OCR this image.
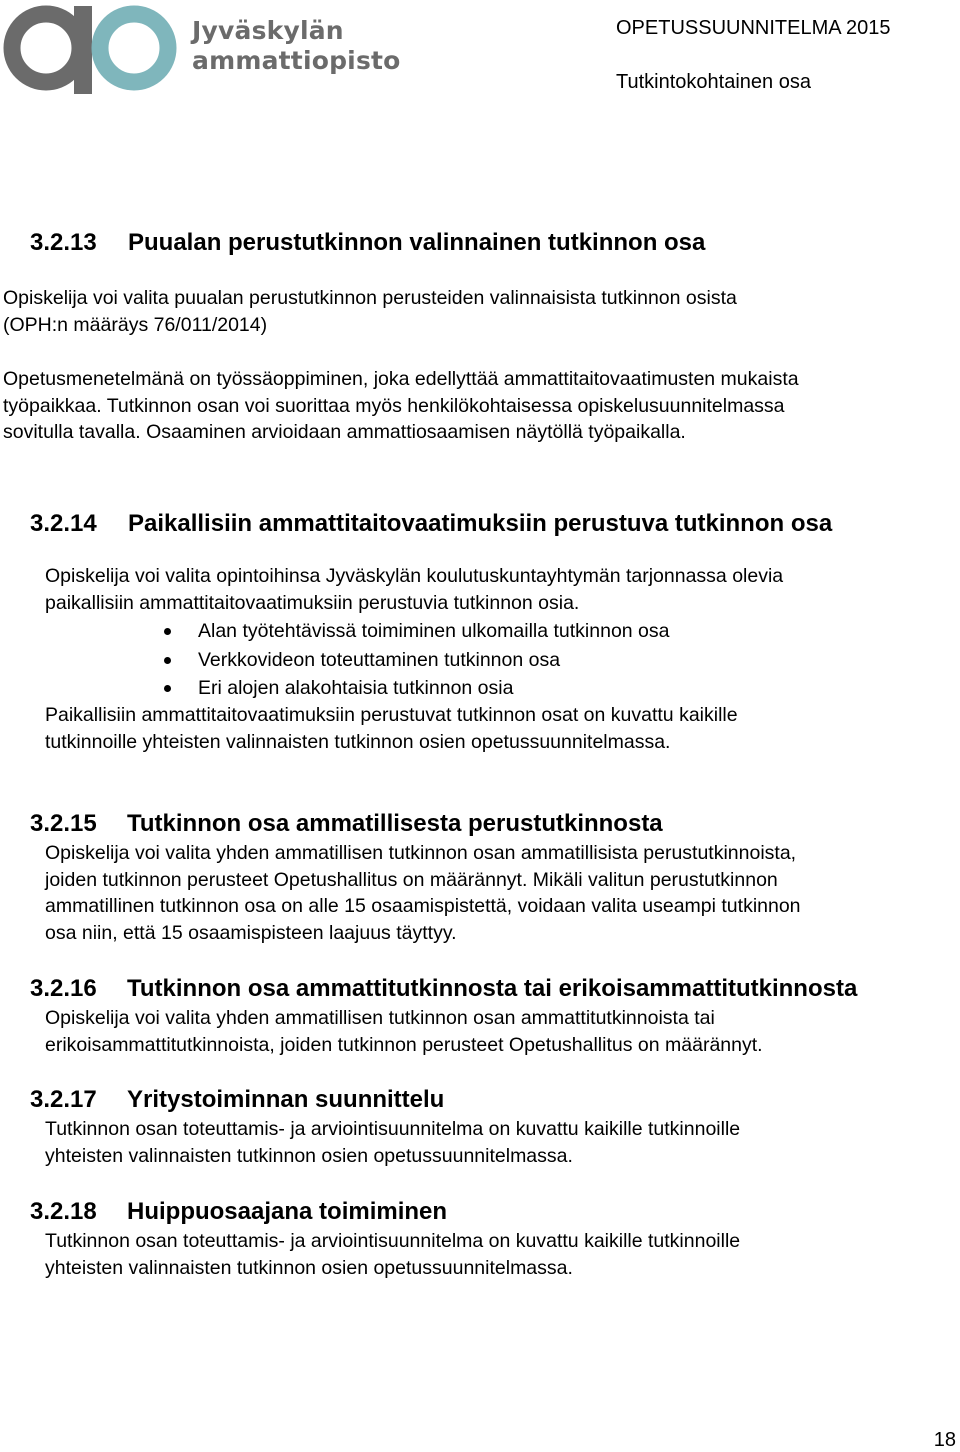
Jyväskylän
ammattiopisto
OPETUSSUUNNITELMA 2015
Tutkintokohtainen osa
3.2.13 Puualan perustutkinnon valinnainen tutkinnon osa
Opiskelija voi valita puualan perustutkinnon perusteiden valinnaisista tutkinnon osista
(OPH:n määräys 76/011/2014)
Opetusmenetelmänä on työssäoppiminen, joka edellyttää ammattitaitovaatimusten mukaista
työpaikkaa. Tutkinnon osan voi suorittaa myös henkilökohtaisessa opiskelusuunnitelmassa
sovitulla tavalla. Osaaminen arvioidaan ammattiosaamisen näytöllä työpaikalla.
3.2.14 Paikallisiin ammattitaitovaatimuksiin perustuva tutkinnon osa
Opiskelija voi valita opintoihinsa Jyväskylän koulutuskuntayhtymän tarjonnassa olevia
paikallisiin ammattitaitovaatimuksiin perustuvia tutkinnon osia.
Alan työtehtävissä toimiminen ulkomailla tutkinnon osa
Verkkovideon toteuttaminen tutkinnon osa
Eri alojen alakohtaisia tutkinnon osia
Paikallisiin ammattitaitovaatimuksiin perustuvat tutkinnon osat on kuvattu kaikille
tutkinnoille yhteisten valinnaisten tutkinnon osien opetussuunnitelmassa.
3.2.15 Tutkinnon osa ammatillisesta perustutkinnosta
Opiskelija voi valita yhden ammatillisen tutkinnon osan ammatillisista perustutkinnoista,
joiden tutkinnon perusteet Opetushallitus on määrännyt. Mikäli valitun perustutkinnon
ammatillinen tutkinnon osa on alle 15 osaamispistettä, voidaan valita useampi tutkinnon
osa niin, että 15 osaamispisteen laajuus täyttyy.
3.2.16 Tutkinnon osa ammattitutkinnosta tai erikoisammattitutkinnosta
Opiskelija voi valita yhden ammatillisen tutkinnon osan ammattitutkinnoista tai
erikoisammattitutkinnoista, joiden tutkinnon perusteet Opetushallitus on määrännyt.
3.2.17 Yritystoiminnan suunnittelu
Tutkinnon osan toteuttamis- ja arviointisuunnitelma on kuvattu kaikille tutkinnoille
yhteisten valinnaisten tutkinnon osien opetussuunnitelmassa.
3.2.18 Huippuosaajana toimiminen
Tutkinnon osan toteuttamis- ja arviointisuunnitelma on kuvattu kaikille tutkinnoille
yhteisten valinnaisten tutkinnon osien opetussuunnitelmassa.
18
